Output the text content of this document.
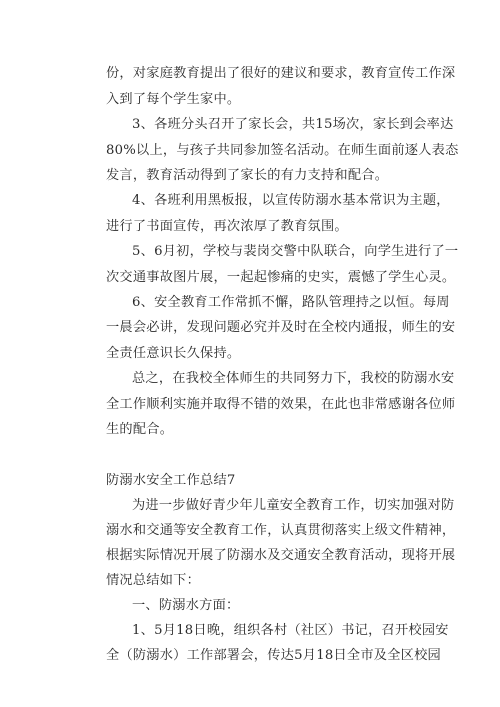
份，对家庭教育提出了很好的建议和要求，教育宣传工作深
入到了每个学生家中。
3、各班分头召开了家长会，共15场次，家长到会率达
80%以上，与孩子共同参加签名活动。在师生面前逐人表态
发言，教育活动得到了家长的有力支持和配合。
4、各班利用黑板报，以宣传防溺水基本常识为主题，
进行了书面宣传，再次浓厚了教育氛围。
5、6月初，学校与裴岗交警中队联合，向学生进行了一
次交通事故图片展，一起起惨痛的史实，震憾了学生心灵。
6、安全教育工作常抓不懈，路队管理持之以恒。每周
一晨会必讲，发现问题必究并及时在全校内通报，师生的安
全责任意识长久保持。
总之，在我校全体师生的共同努力下，我校的防溺水安
全工作顺利实施并取得不错的效果，在此也非常感谢各位师
生的配合。
防溺水安全工作总结7
为进一步做好青少年儿童安全教育工作，切实加强对防
溺水和交通等安全教育工作，认真贯彻落实上级文件精神，
根据实际情况开展了防溺水及交通安全教育活动，现将开展
情况总结如下：
一、防溺水方面：
1、5月18日晚，组织各村（社区）书记，召开校园安
全（防溺水）工作部署会，传达5月18日全市及全区校园
